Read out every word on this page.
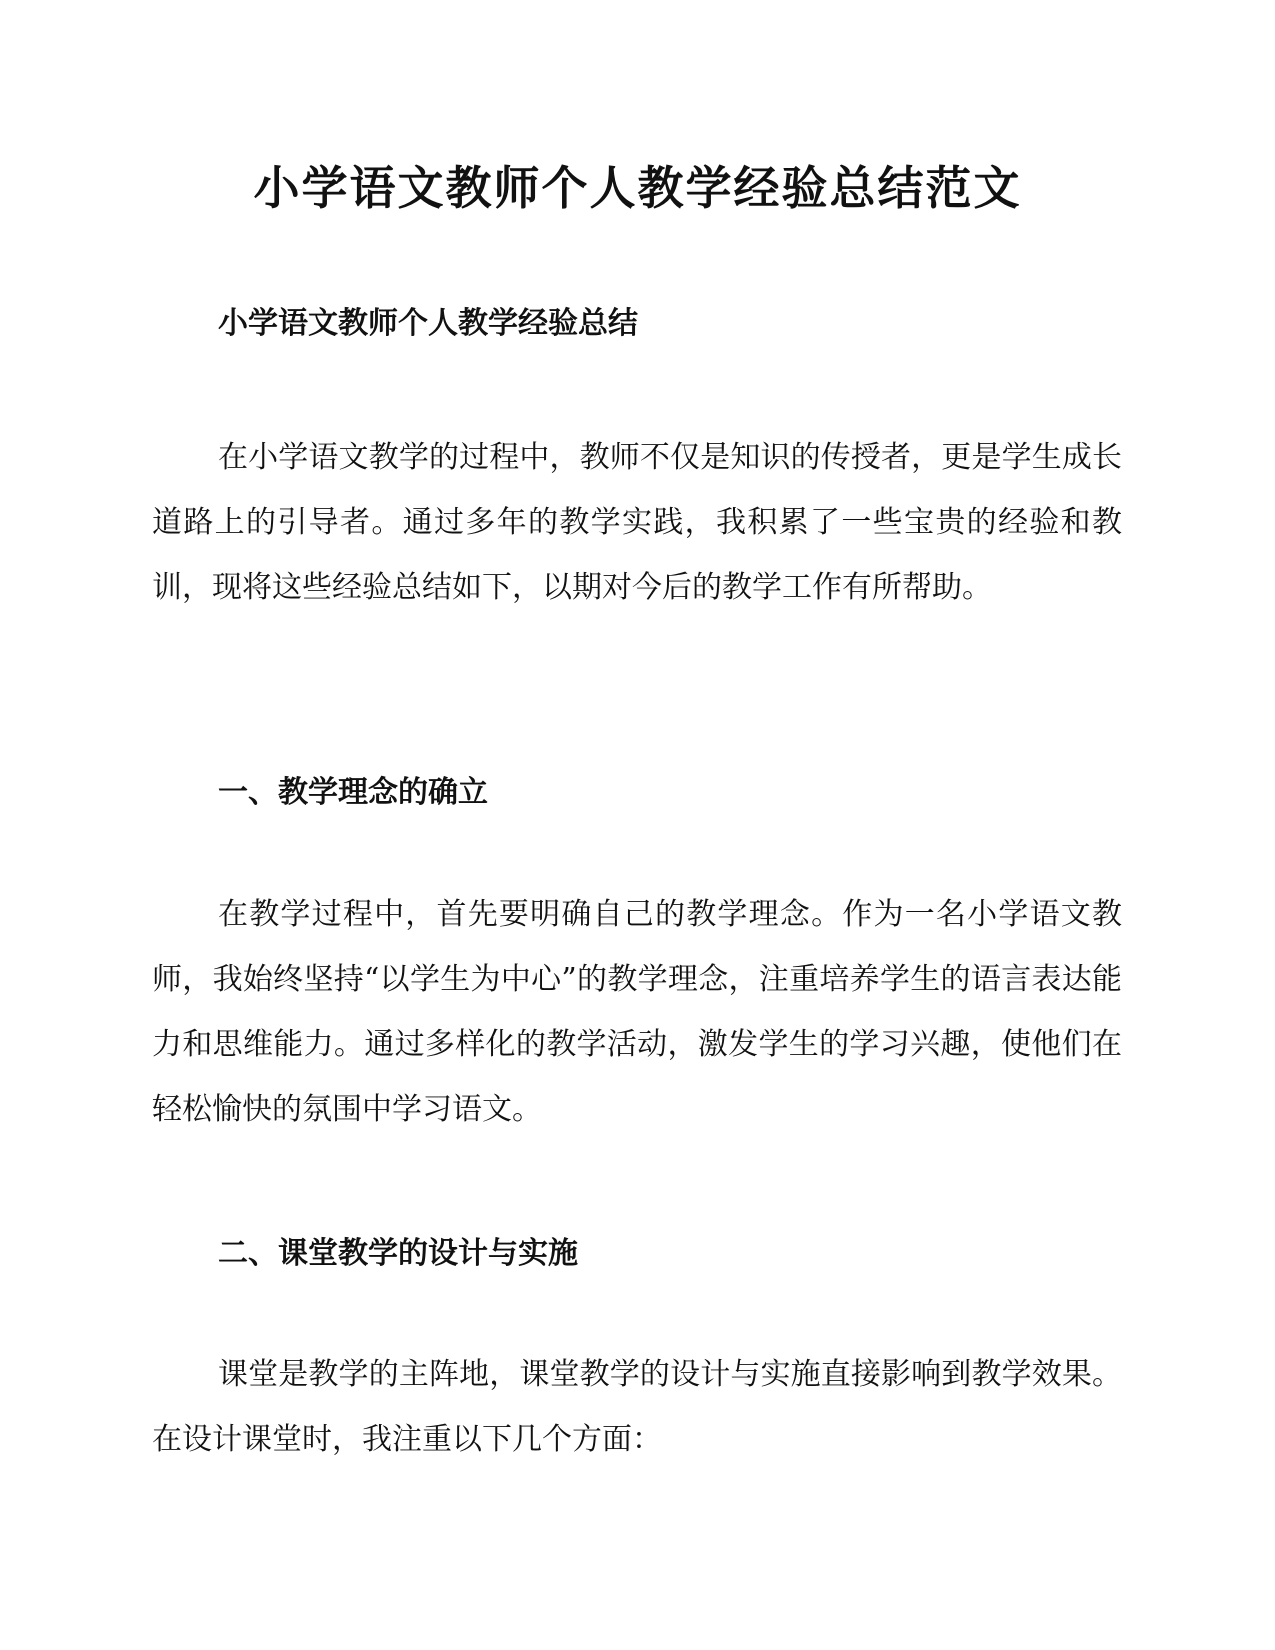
小学语文教师个人教学经验总结范文
小学语文教师个人教学经验总结

在小学语文教学的过程中，教师不仅是知识的传授者，更是学生成长道路上的引导者。通过多年的教学实践，我积累了一些宝贵的经验和教训，现将这些经验总结如下，以期对今后的教学工作有所帮助。

一、教学理念的确立

在教学过程中，首先要明确自己的教学理念。作为一名小学语文教师，我始终坚持“以学生为中心”的教学理念，注重培养学生的语言表达能力和思维能力。通过多样化的教学活动，激发学生的学习兴趣，使他们在轻松愉快的氛围中学习语文。

二、课堂教学的设计与实施

课堂是教学的主阵地，课堂教学的设计与实施直接影响到教学效果。在设计课堂时，我注重以下几个方面：
